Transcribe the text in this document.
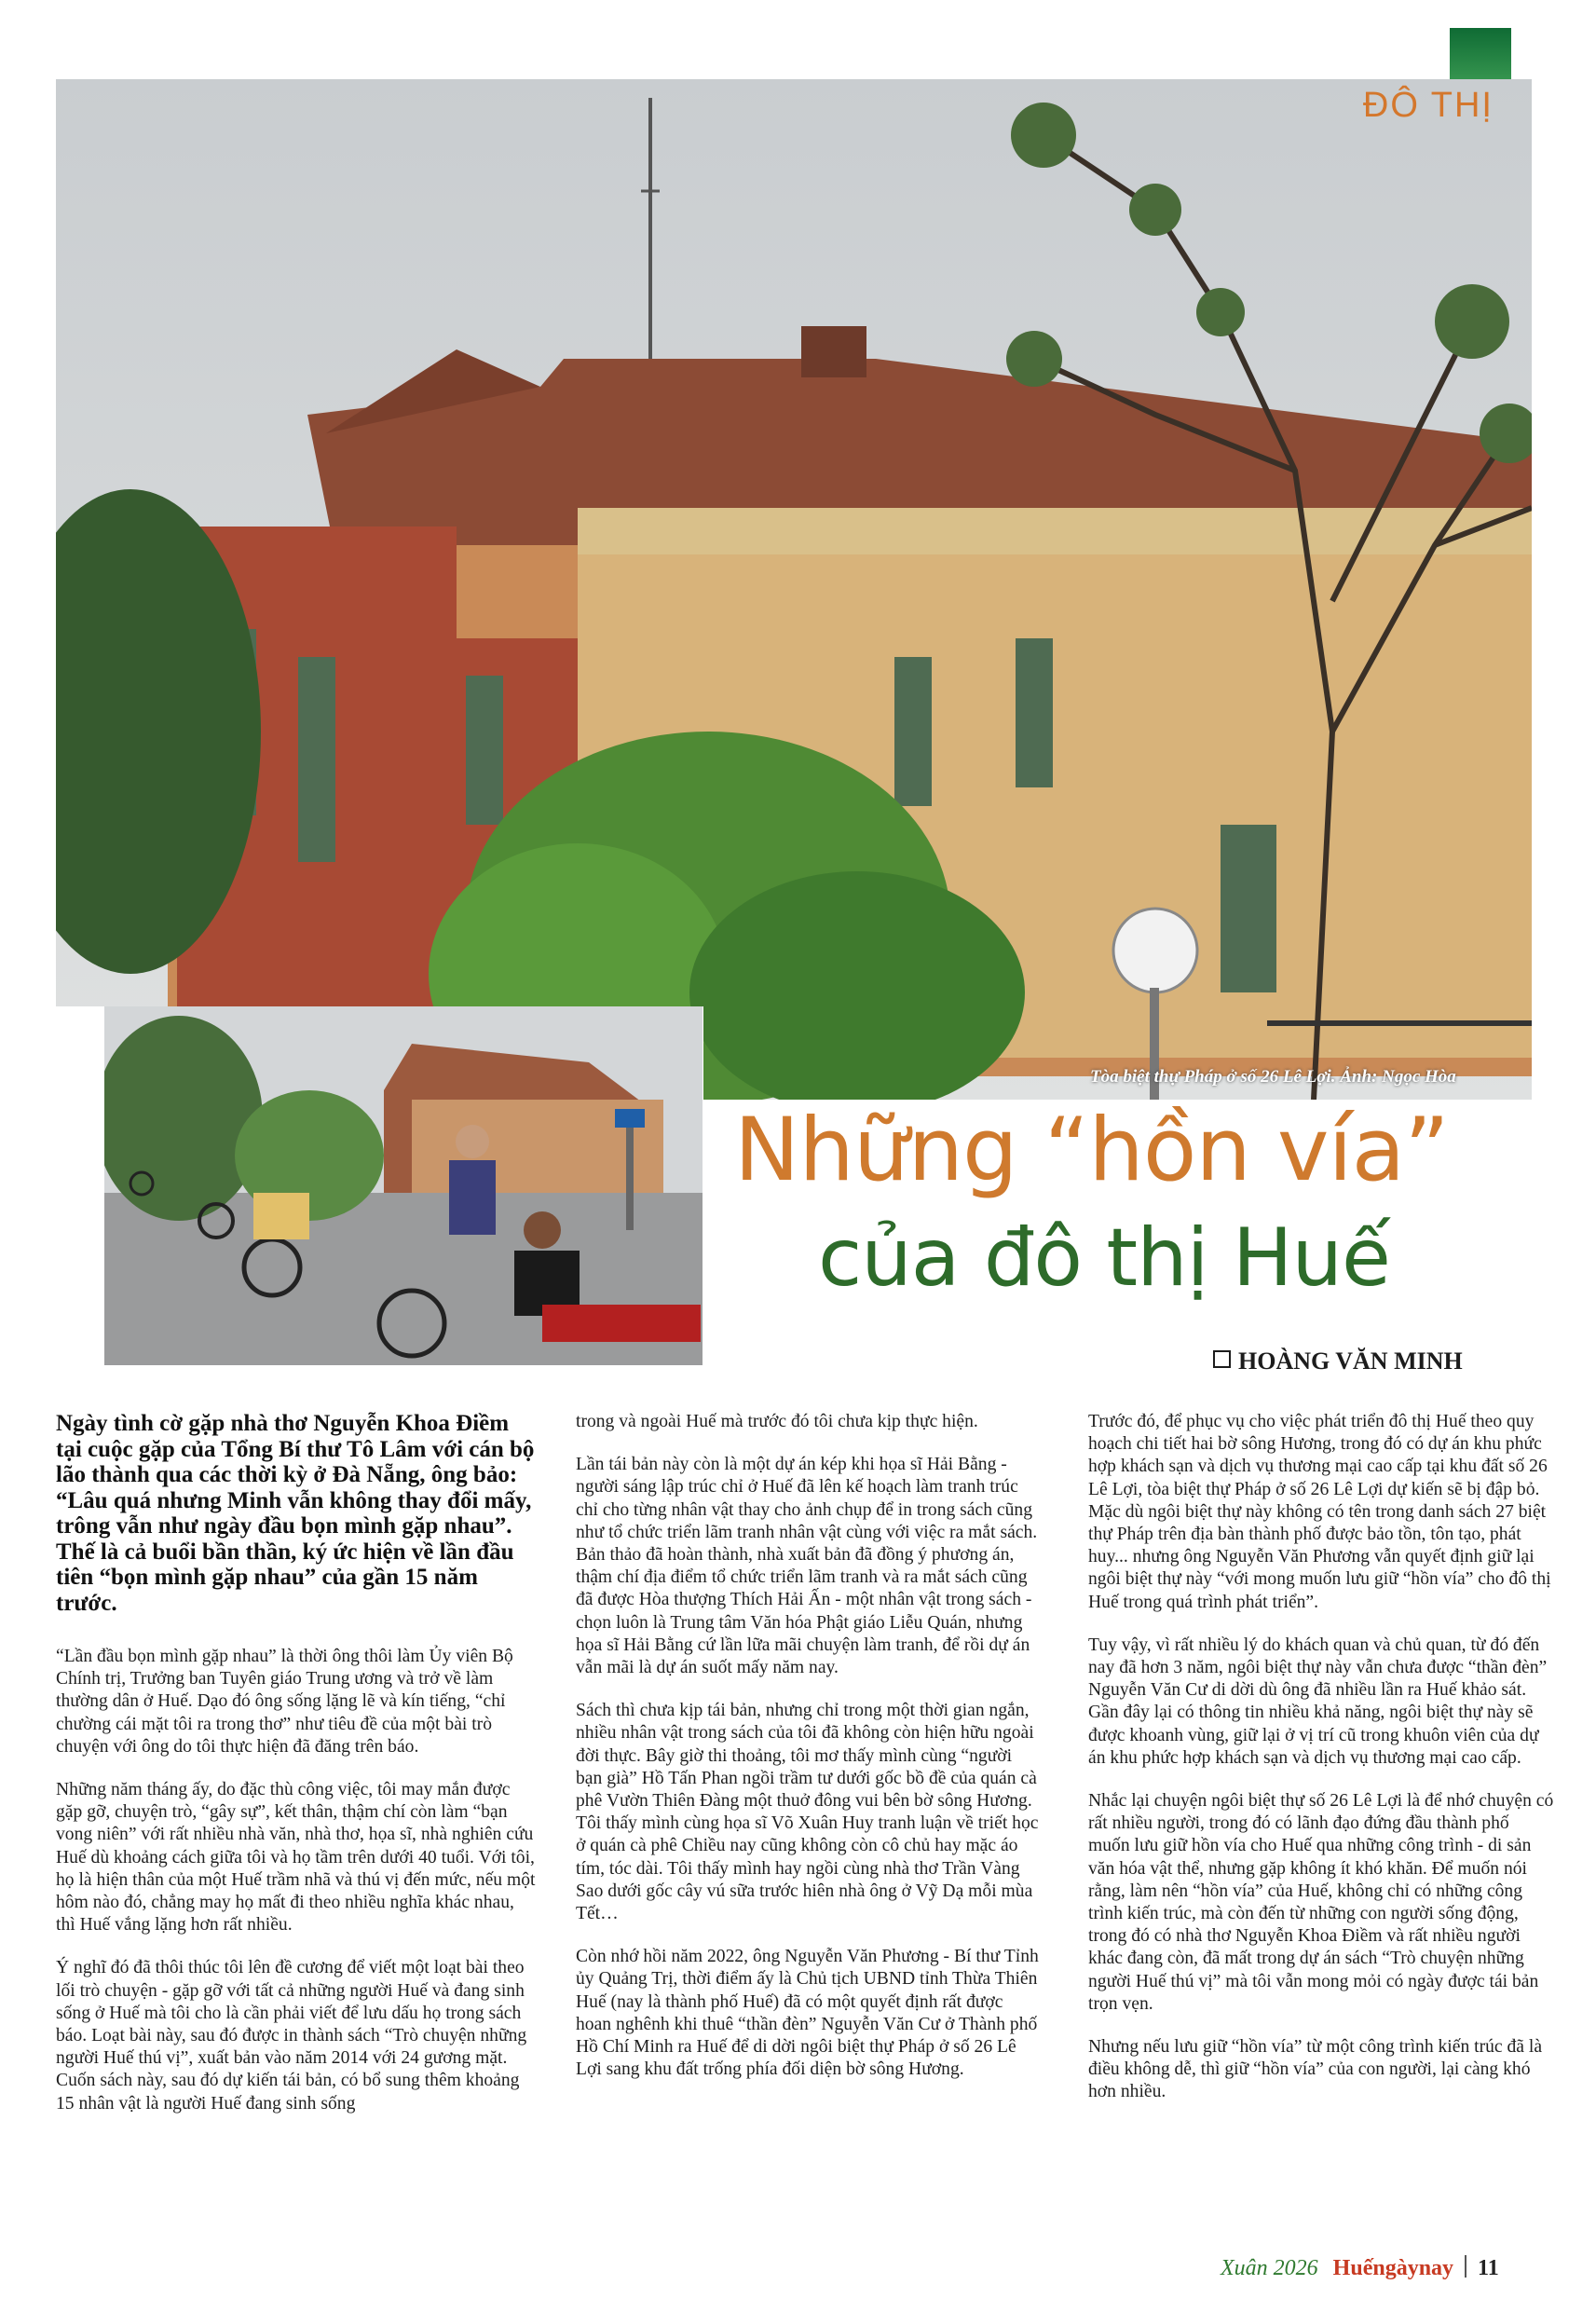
ĐÔ THỊ
Tòa biệt thự Pháp ở số 26 Lê Lợi. Ảnh: Ngọc Hòa
Những “hồn vía”
của đô thị Huế
HOÀNG VĂN MINH

Ngày tình cờ gặp nhà thơ Nguyễn Khoa Điềm tại cuộc gặp của Tổng Bí thư Tô Lâm với cán bộ lão thành qua các thời kỳ ở Đà Nẵng, ông bảo: “Lâu quá nhưng Minh vẫn không thay đổi mấy, trông vẫn như ngày đầu bọn mình gặp nhau”. Thế là cả buổi bần thần, ký ức hiện về lần đầu tiên “bọn mình gặp nhau” của gần 15 năm trước.

“Lần đầu bọn mình gặp nhau” là thời ông thôi làm Ủy viên Bộ Chính trị, Trưởng ban Tuyên giáo Trung ương và trở về làm thường dân ở Huế. Dạo đó ông sống lặng lẽ và kín tiếng, “chỉ chường cái mặt tôi ra trong thơ” như tiêu đề của một bài trò chuyện với ông do tôi thực hiện đã đăng trên báo.

Những năm tháng ấy, do đặc thù công việc, tôi may mắn được gặp gỡ, chuyện trò, “gây sự”, kết thân, thậm chí còn làm “bạn vong niên” với rất nhiều nhà văn, nhà thơ, họa sĩ, nhà nghiên cứu Huế dù khoảng cách giữa tôi và họ tầm trên dưới 40 tuổi. Với tôi, họ là hiện thân của một Huế trầm nhã và thú vị đến mức, nếu một hôm nào đó, chẳng may họ mất đi theo nhiều nghĩa khác nhau, thì Huế vắng lặng hơn rất nhiều.

Ý nghĩ đó đã thôi thúc tôi lên đề cương để viết một loạt bài theo lối trò chuyện - gặp gỡ với tất cả những người Huế và đang sinh sống ở Huế mà tôi cho là cần phải viết để lưu dấu họ trong sách báo. Loạt bài này, sau đó được in thành sách “Trò chuyện những người Huế thú vị”, xuất bản vào năm 2014 với 24 gương mặt. Cuốn sách này, sau đó dự kiến tái bản, có bổ sung thêm khoảng 15 nhân vật là người Huế đang sinh sống

trong và ngoài Huế mà trước đó tôi chưa kịp thực hiện.

Lần tái bản này còn là một dự án kép khi họa sĩ Hải Bằng - người sáng lập trúc chỉ ở Huế đã lên kế hoạch làm tranh trúc chỉ cho từng nhân vật thay cho ảnh chụp để in trong sách cũng như tổ chức triển lãm tranh nhân vật cùng với việc ra mắt sách. Bản thảo đã hoàn thành, nhà xuất bản đã đồng ý phương án, thậm chí địa điểm tổ chức triển lãm tranh và ra mắt sách cũng đã được Hòa thượng Thích Hải Ấn - một nhân vật trong sách - chọn luôn là Trung tâm Văn hóa Phật giáo Liễu Quán, nhưng họa sĩ Hải Bằng cứ lần lữa mãi chuyện làm tranh, để rồi dự án vẫn mãi là dự án suốt mấy năm nay.

Sách thì chưa kịp tái bản, nhưng chỉ trong một thời gian ngắn, nhiều nhân vật trong sách của tôi đã không còn hiện hữu ngoài đời thực. Bây giờ thi thoảng, tôi mơ thấy mình cùng “người bạn già” Hồ Tấn Phan ngồi trầm tư dưới gốc bồ đề của quán cà phê Vườn Thiên Đàng một thuở đông vui bên bờ sông Hương. Tôi thấy mình cùng họa sĩ Võ Xuân Huy tranh luận về triết học ở quán cà phê Chiều nay cũng không còn cô chủ hay mặc áo tím, tóc dài. Tôi thấy mình hay ngồi cùng nhà thơ Trần Vàng Sao dưới gốc cây vú sữa trước hiên nhà ông ở Vỹ Dạ mỗi mùa Tết…

Còn nhớ hồi năm 2022, ông Nguyễn Văn Phương - Bí thư Tỉnh ủy Quảng Trị, thời điểm ấy là Chủ tịch UBND tỉnh Thừa Thiên Huế (nay là thành phố Huế) đã có một quyết định rất được hoan nghênh khi thuê “thần đèn” Nguyễn Văn Cư ở Thành phố Hồ Chí Minh ra Huế để di dời ngôi biệt thự Pháp ở số 26 Lê Lợi sang khu đất trống phía đối diện bờ sông Hương.

Trước đó, để phục vụ cho việc phát triển đô thị Huế theo quy hoạch chi tiết hai bờ sông Hương, trong đó có dự án khu phức hợp khách sạn và dịch vụ thương mại cao cấp tại khu đất số 26 Lê Lợi, tòa biệt thự Pháp ở số 26 Lê Lợi dự kiến sẽ bị đập bỏ. Mặc dù ngôi biệt thự này không có tên trong danh sách 27 biệt thự Pháp trên địa bàn thành phố được bảo tồn, tôn tạo, phát huy... nhưng ông Nguyễn Văn Phương vẫn quyết định giữ lại ngôi biệt thự này “với mong muốn lưu giữ “hồn vía” cho đô thị Huế trong quá trình phát triển”.

Tuy vậy, vì rất nhiều lý do khách quan và chủ quan, từ đó đến nay đã hơn 3 năm, ngôi biệt thự này vẫn chưa được “thần đèn” Nguyễn Văn Cư di dời dù ông đã nhiều lần ra Huế khảo sát. Gần đây lại có thông tin nhiều khả năng, ngôi biệt thự này sẽ được khoanh vùng, giữ lại ở vị trí cũ trong khuôn viên của dự án khu phức hợp khách sạn và dịch vụ thương mại cao cấp.

Nhắc lại chuyện ngôi biệt thự số 26 Lê Lợi là để nhớ chuyện có rất nhiều người, trong đó có lãnh đạo đứng đầu thành phố muốn lưu giữ hồn vía cho Huế qua những công trình - di sản văn hóa vật thể, nhưng gặp không ít khó khăn. Để muốn nói rằng, làm nên “hồn vía” của Huế, không chỉ có những công trình kiến trúc, mà còn đến từ những con người sống động, trong đó có nhà thơ Nguyễn Khoa Điềm và rất nhiều người khác đang còn, đã mất trong dự án sách “Trò chuyện những người Huế thú vị” mà tôi vẫn mong mỏi có ngày được tái bản trọn vẹn.

Nhưng nếu lưu giữ “hồn vía” từ một công trình kiến trúc đã là điều không dễ, thì giữ “hồn vía” của con người, lại càng khó hơn nhiều.

Xuân 2026 Huếngàynay 11
